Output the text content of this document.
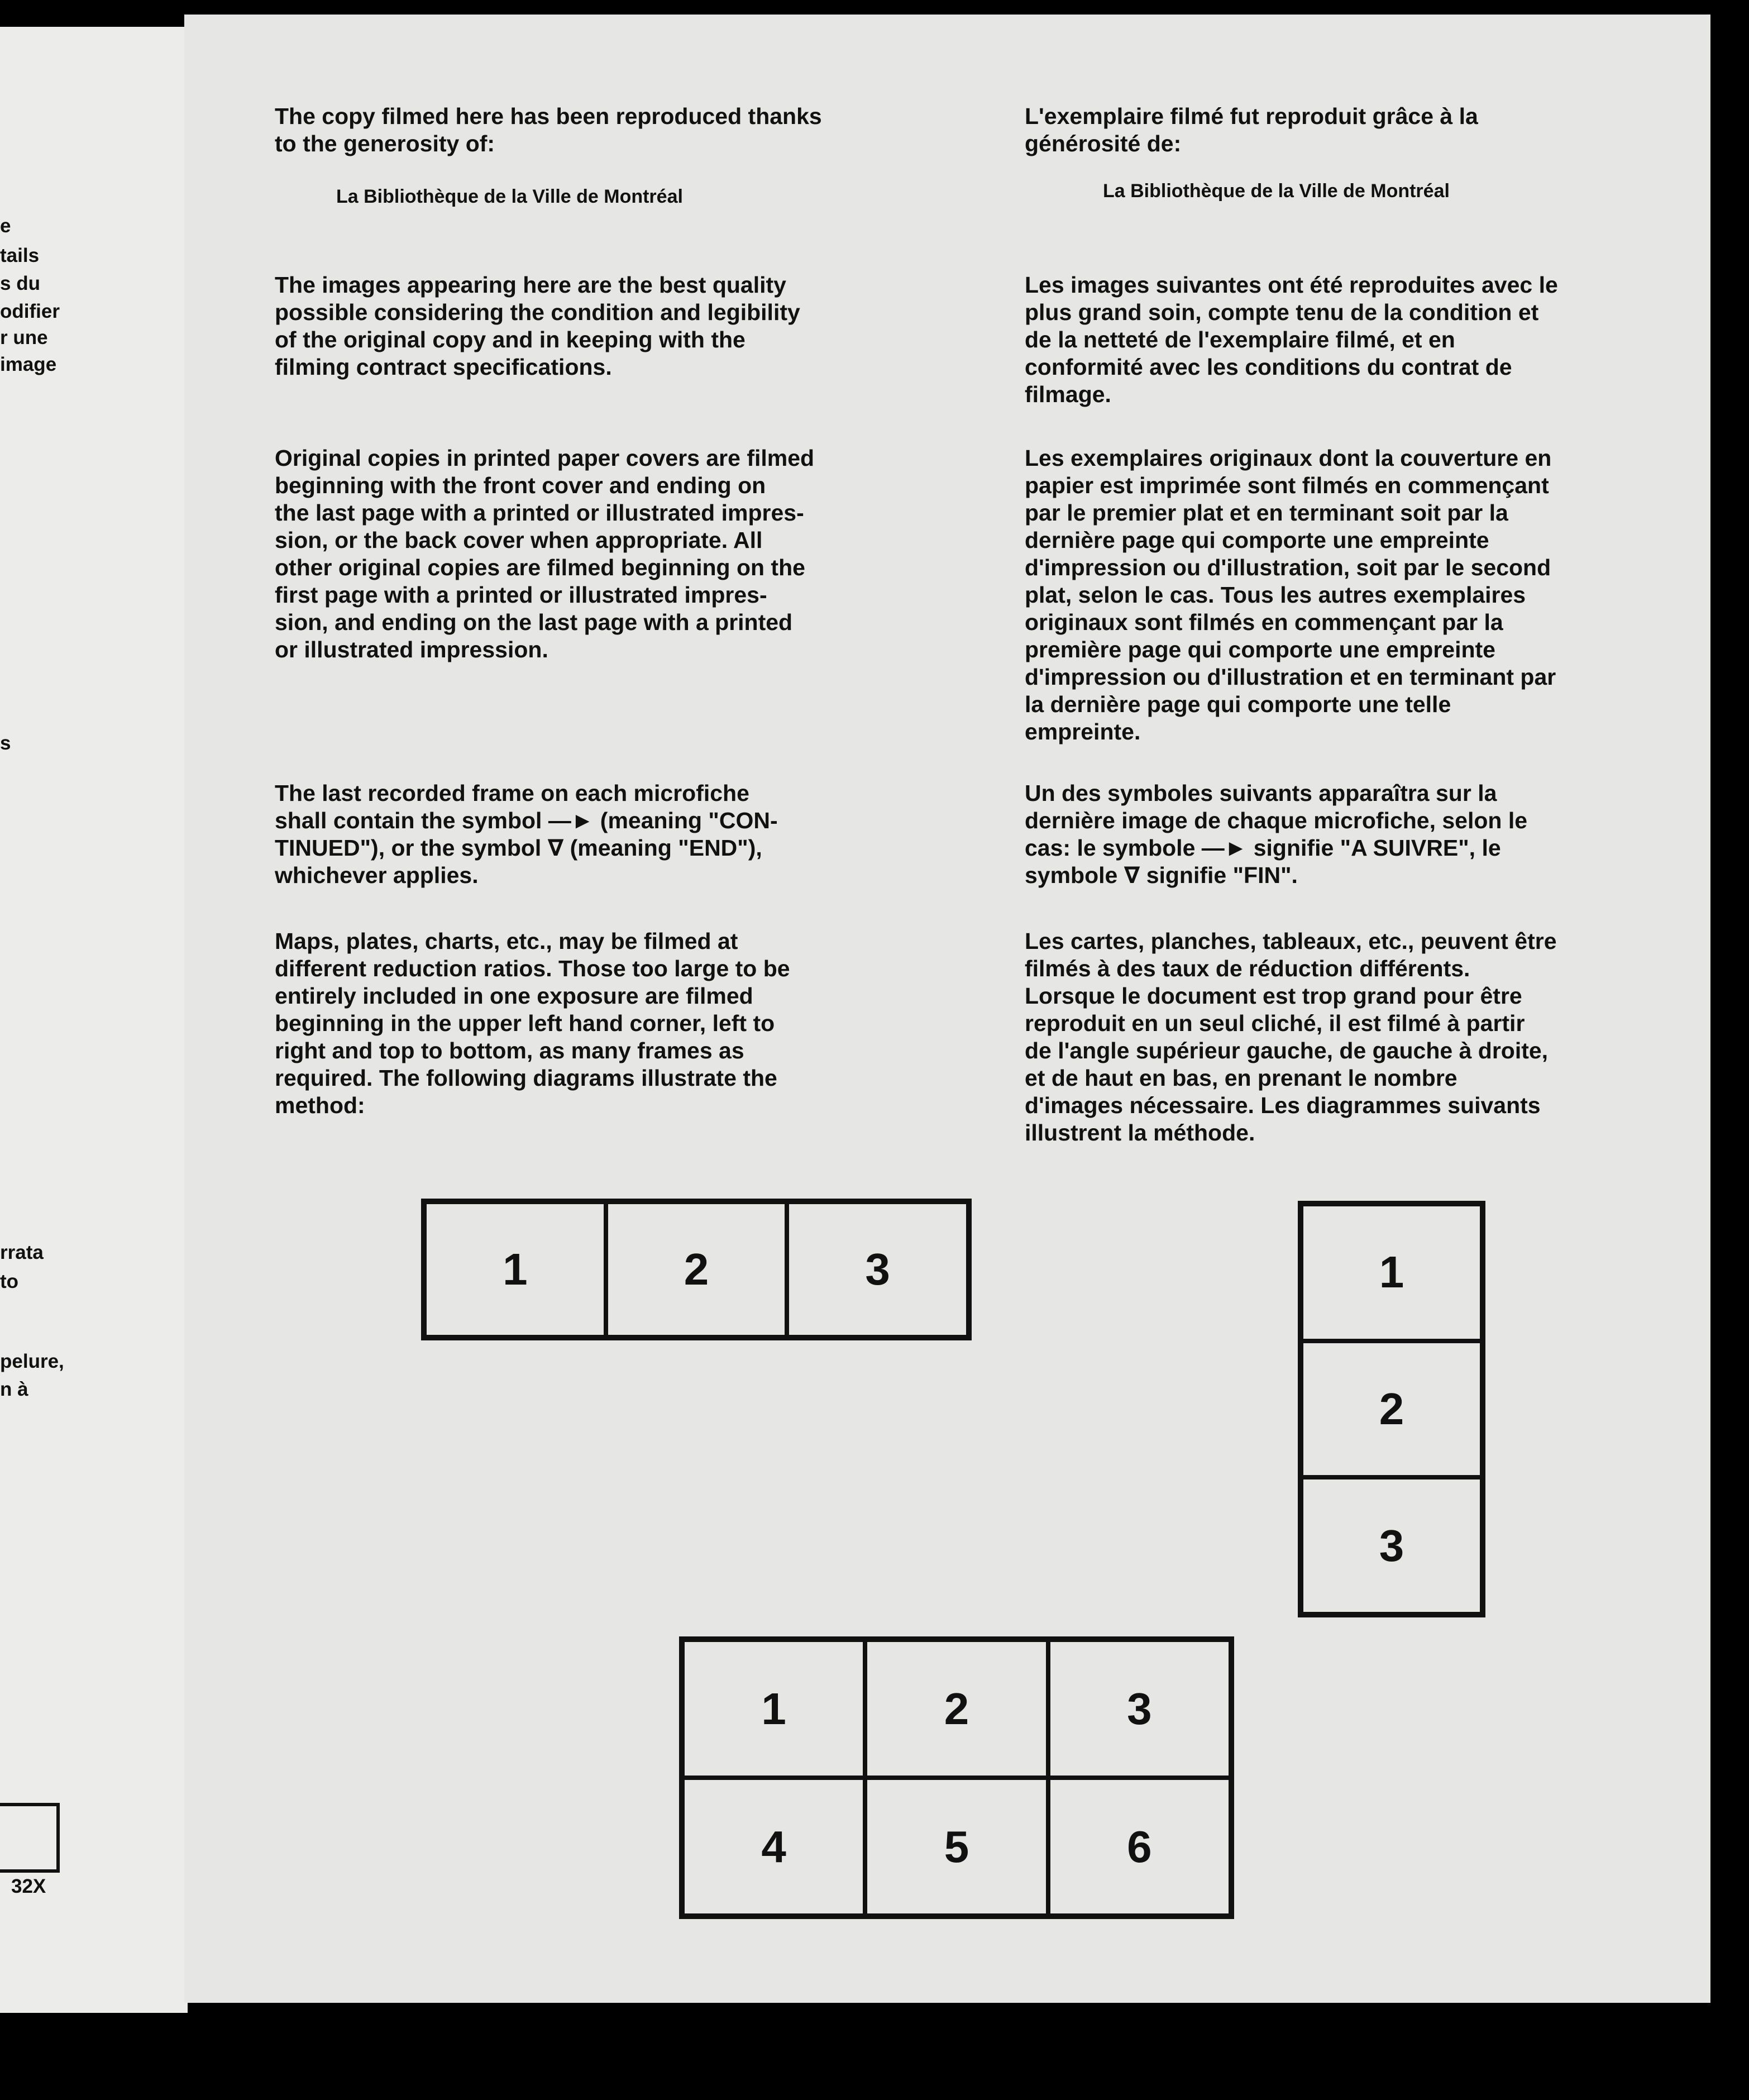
e
tails
s du
odifier
r une
image
s
rrata
to
pelure,
n à
32X
The copy filmed here has been reproduced thanks
to the generosity of:
La Bibliothèque de la Ville de Montréal
The images appearing here are the best quality
possible considering the condition and legibility
of the original copy and in keeping with the
filming contract specifications.
Original copies in printed paper covers are filmed
beginning with the front cover and ending on
the last page with a printed or illustrated impres-
sion, or the back cover when appropriate. All
other original copies are filmed beginning on the
first page with a printed or illustrated impres-
sion, and ending on the last page with a printed
or illustrated impression.
The last recorded frame on each microfiche
shall contain the symbol —► (meaning "CON-
TINUED"), or the symbol ∇ (meaning "END"),
whichever applies.
Maps, plates, charts, etc., may be filmed at
different reduction ratios. Those too large to be
entirely included in one exposure are filmed
beginning in the upper left hand corner, left to
right and top to bottom, as many frames as
required. The following diagrams illustrate the
method:
L'exemplaire filmé fut reproduit grâce à la
générosité de:
La Bibliothèque de la Ville de Montréal
Les images suivantes ont été reproduites avec le
plus grand soin, compte tenu de la condition et
de la netteté de l'exemplaire filmé, et en
conformité avec les conditions du contrat de
filmage.
Les exemplaires originaux dont la couverture en
papier est imprimée sont filmés en commençant
par le premier plat et en terminant soit par la
dernière page qui comporte une empreinte
d'impression ou d'illustration, soit par le second
plat, selon le cas. Tous les autres exemplaires
originaux sont filmés en commençant par la
première page qui comporte une empreinte
d'impression ou d'illustration et en terminant par
la dernière page qui comporte une telle
empreinte.
Un des symboles suivants apparaîtra sur la
dernière image de chaque microfiche, selon le
cas: le symbole —► signifie "A SUIVRE", le
symbole ∇ signifie "FIN".
Les cartes, planches, tableaux, etc., peuvent être
filmés à des taux de réduction différents.
Lorsque le document est trop grand pour être
reproduit en un seul cliché, il est filmé à partir
de l'angle supérieur gauche, de gauche à droite,
et de haut en bas, en prenant le nombre
d'images nécessaire. Les diagrammes suivants
illustrent la méthode.
1	2	3	1
2
3
1	2	3
4	5	6
